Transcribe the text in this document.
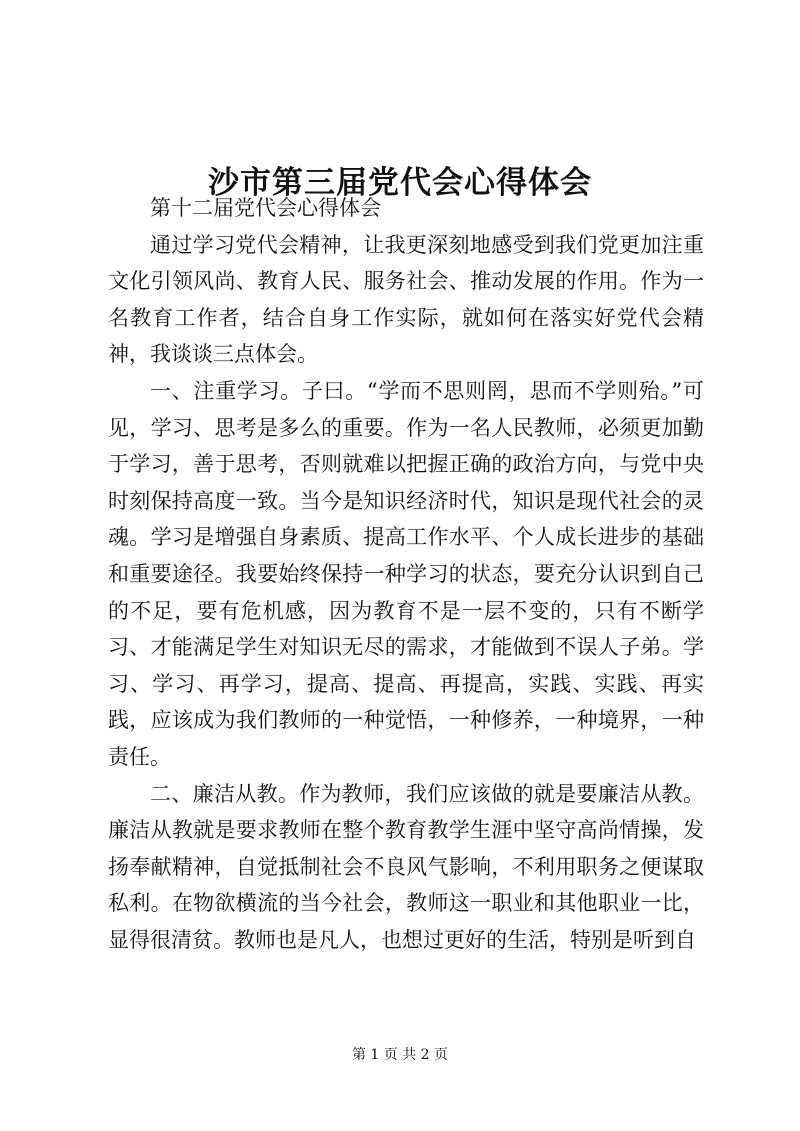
沙市第三届党代会心得体会

第十二届党代会心得体会

通过学习党代会精神，让我更深刻地感受到我们党更加注重文化引领风尚、教育人民、服务社会、推动发展的作用。作为一名教育工作者，结合自身工作实际，就如何在落实好党代会精神，我谈谈三点体会。

一、注重学习。子曰。“学而不思则罔，思而不学则殆。”可见，学习、思考是多么的重要。作为一名人民教师，必须更加勤于学习，善于思考，否则就难以把握正确的政治方向，与党中央时刻保持高度一致。当今是知识经济时代，知识是现代社会的灵魂。学习是增强自身素质、提高工作水平、个人成长进步的基础和重要途径。我要始终保持一种学习的状态，要充分认识到自己的不足，要有危机感，因为教育不是一层不变的，只有不断学习、才能满足学生对知识无尽的需求，才能做到不误人子弟。学习、学习、再学习，提高、提高、再提高，实践、实践、再实践，应该成为我们教师的一种觉悟，一种修养，一种境界，一种责任。

二、廉洁从教。作为教师，我们应该做的就是要廉洁从教。廉洁从教就是要求教师在整个教育教学生涯中坚守高尚情操，发扬奉献精神，自觉抵制社会不良风气影响，不利用职务之便谋取私利。在物欲横流的当今社会，教师这一职业和其他职业一比，显得很清贫。教师也是凡人，也想过更好的生活，特别是听到自

第 1 页 共 2 页
